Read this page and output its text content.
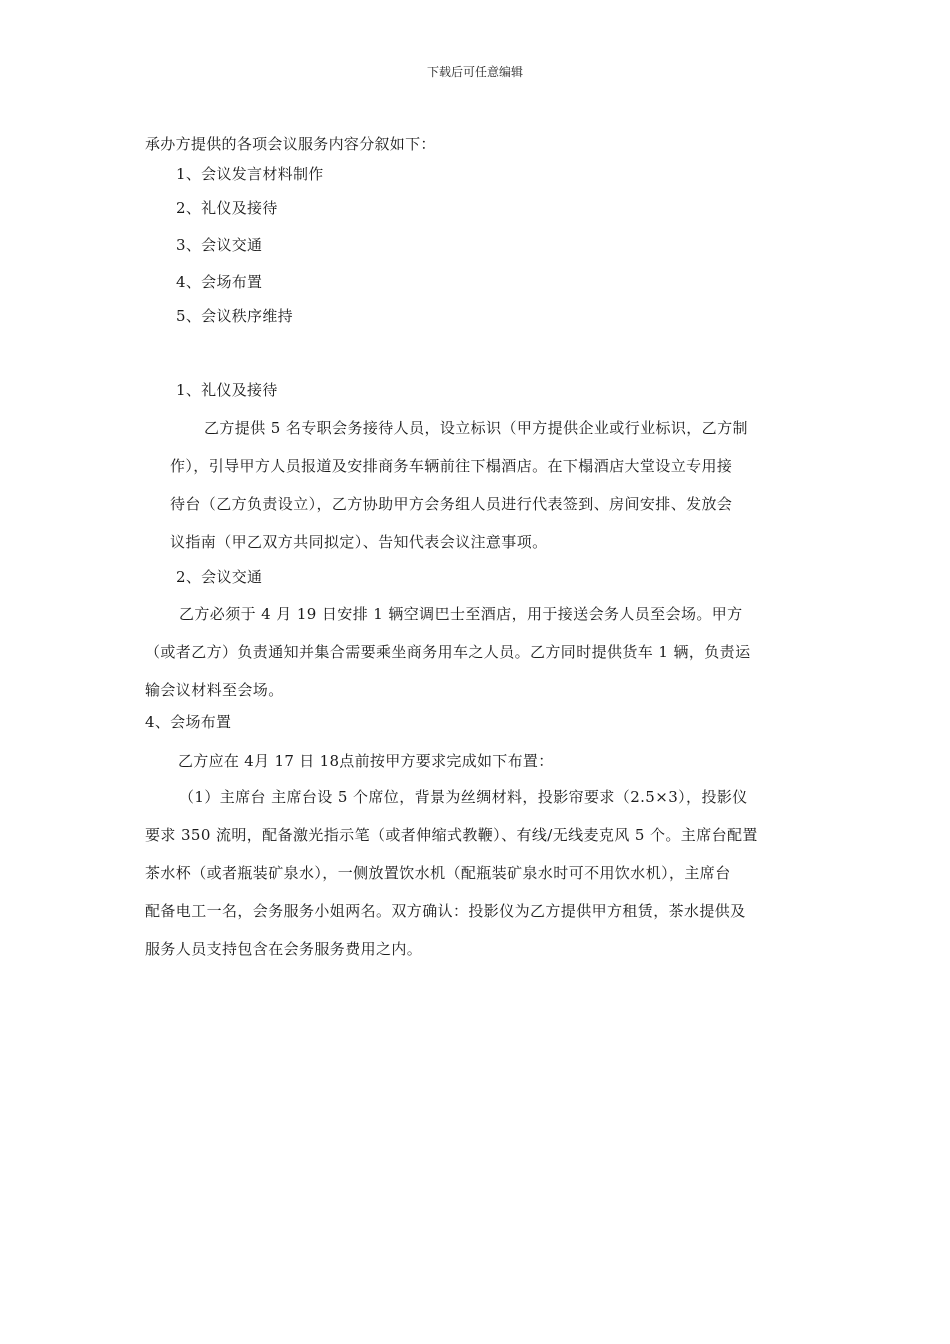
下载后可任意编辑
承办方提供的各项会议服务内容分叙如下：
1、会议发言材料制作
2、礼仪及接待
3、会议交通
4、会场布置
5、会议秩序维持
1、礼仪及接待
乙方提供 5 名专职会务接待人员，设立标识（甲方提供企业或行业标识，乙方制
作），引导甲方人员报道及安排商务车辆前往下榻酒店。在下榻酒店大堂设立专用接
待台（乙方负责设立），乙方协助甲方会务组人员进行代表签到、房间安排、发放会
议指南（甲乙双方共同拟定）、告知代表会议注意事项。
2、会议交通
乙方必须于 4 月 19 日安排 1 辆空调巴士至酒店，用于接送会务人员至会场。甲方
（或者乙方）负责通知并集合需要乘坐商务用车之人员。乙方同时提供货车 1 辆，负责运
输会议材料至会场。
4、会场布置
乙方应在 4月 17 日 18点前按甲方要求完成如下布置：
（1）主席台 主席台设 5 个席位，背景为丝绸材料，投影帘要求（2.5×3），投影仪
要求 350 流明，配备激光指示笔（或者伸缩式教鞭）、有线/无线麦克风 5 个。主席台配置
茶水杯（或者瓶装矿泉水），一侧放置饮水机（配瓶装矿泉水时可不用饮水机），主席台
配备电工一名，会务服务小姐两名。双方确认：投影仪为乙方提供甲方租赁，茶水提供及
服务人员支持包含在会务服务费用之内。
